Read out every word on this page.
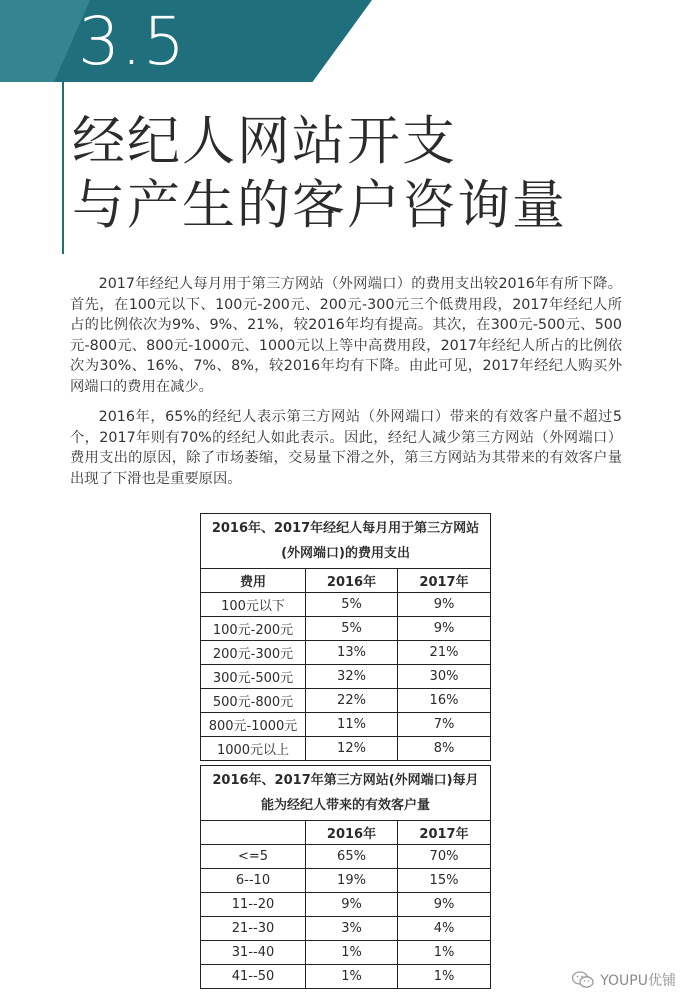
3.5
经纪人网站开支
与产生的客户咨询量

2017年经纪人每月用于第三方网站（外网端口）的费用支出较2016年有所下降。首先，在100元以下、100元-200元、200元-300元三个低费用段，2017年经纪人所占的比例依次为9%、9%、21%，较2016年均有提高。其次，在300元-500元、500元-800元、800元-1000元、1000元以上等中高费用段，2017年经纪人所占的比例依次为30%、16%、7%、8%，较2016年均有下降。由此可见，2017年经纪人购买外网端口的费用在减少。

2016年，65%的经纪人表示第三方网站（外网端口）带来的有效客户量不超过5个，2017年则有70%的经纪人如此表示。因此，经纪人减少第三方网站（外网端口）费用支出的原因，除了市场萎缩，交易量下滑之外，第三方网站为其带来的有效客户量出现了下滑也是重要原因。

2016年、2017年经纪人每月用于第三方网站
(外网端口)的费用支出		
费用	2016年	2017年
100元以下	5%	9%
100元-200元	5%	9%
200元-300元	13%	21%
300元-500元	32%	30%
500元-800元	22%	16%
800元-1000元	11%	7%
1000元以上	12%	8%
2016年、2017年第三方网站(外网端口)每月
能为经纪人带来的有效客户量		
	2016年	2017年
<=5	65%	70%
6--10	19%	15%
11--20	9%	9%
21--30	3%	4%
31--40	1%	1%
41--50	1%	1%	YOUPU优铺
